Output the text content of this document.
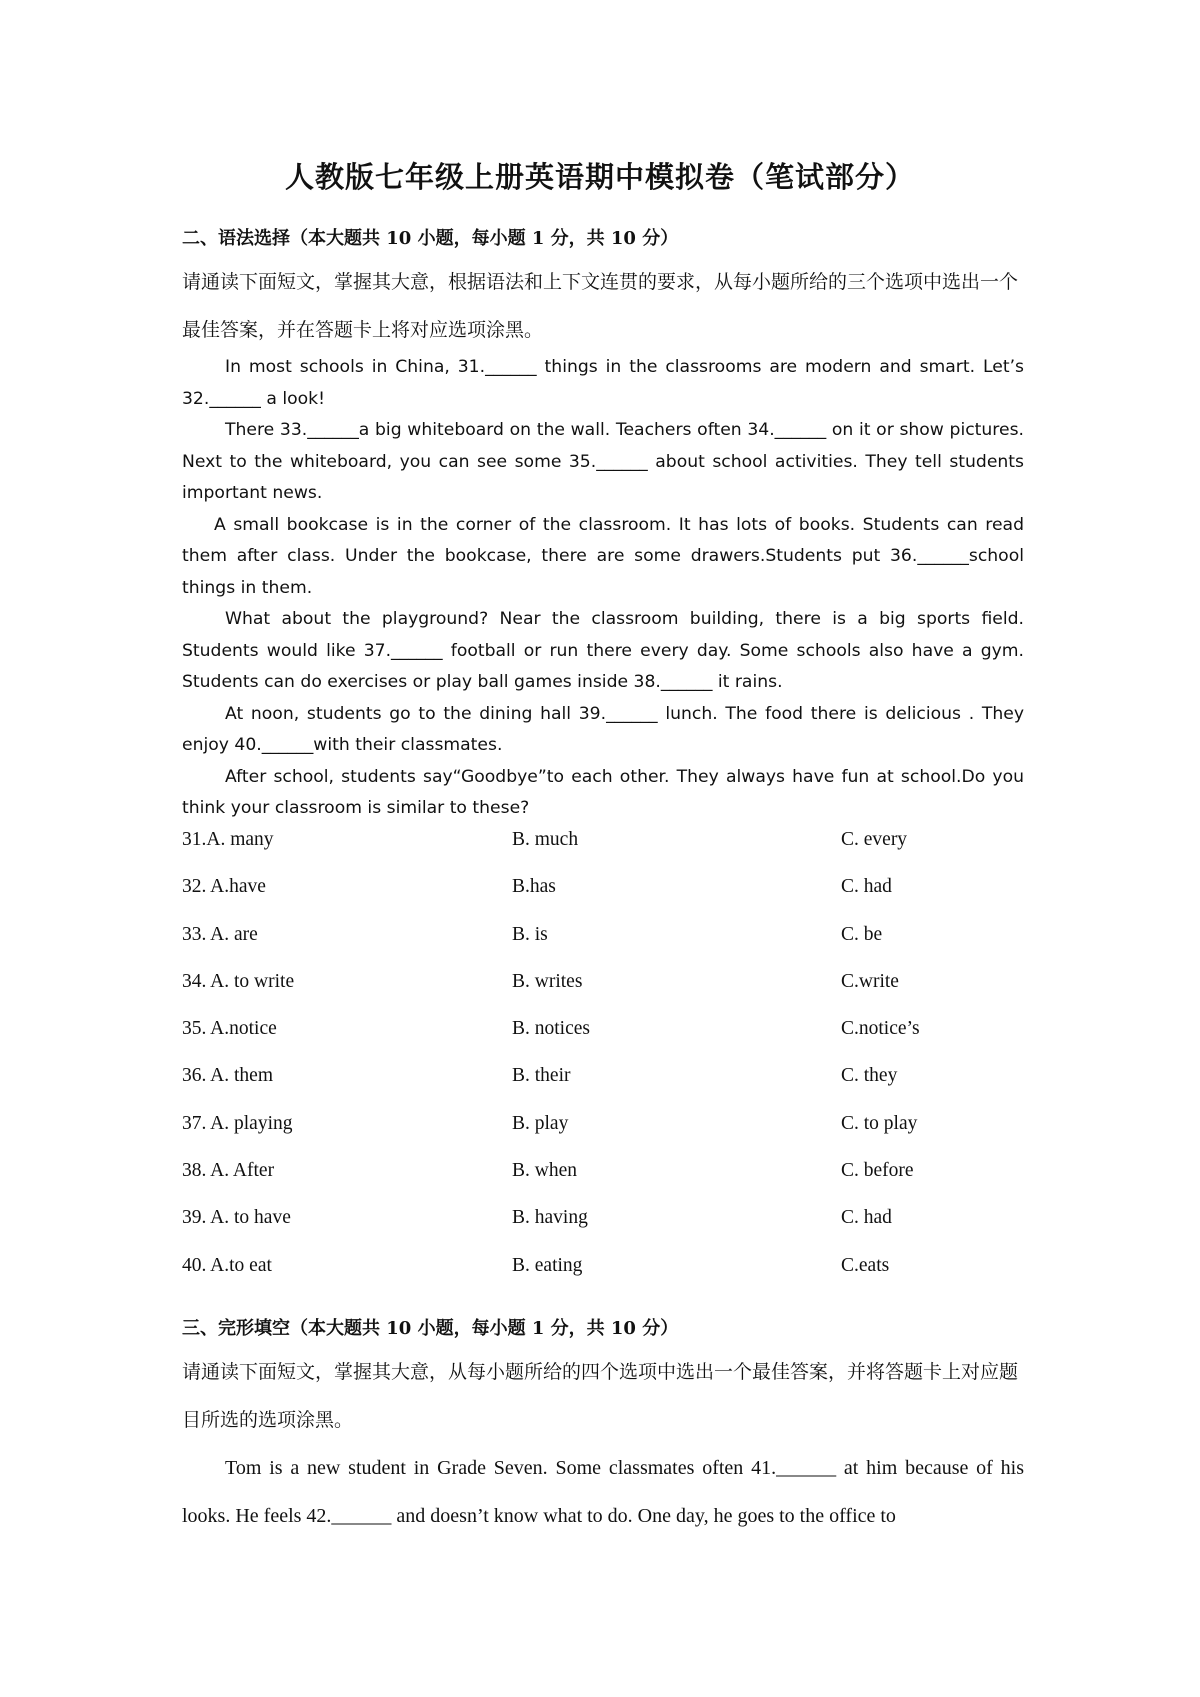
人教版七年级上册英语期中模拟卷（笔试部分）
二、语法选择（本大题共 10 小题，每小题 1 分，共 10 分）
请通读下面短文，掌握其大意，根据语法和上下文连贯的要求，从每小题所给的三个选项中选出一个最佳答案，并在答题卡上将对应选项涂黑。

In most schools in China, 31.______ things in the classrooms are modern and smart. Let’s 32.______ a look!

There 33.______a big whiteboard on the wall. Teachers often 34.______ on it or show pictures. Next to the whiteboard, you can see some 35.______ about school activities. They tell students important news.

A small bookcase is in the corner of the classroom. It has lots of books. Students can read them after class. Under the bookcase, there are some drawers.Students put 36.______school things in them.

What about the playground? Near the classroom building, there is a big sports field. Students would like 37.______ football or run there every day. Some schools also have a gym. Students can do exercises or play ball games inside 38.______ it rains.

At noon, students go to the dining hall 39.______ lunch. The food there is delicious . They enjoy 40.______with their classmates.

After school, students say“Goodbye”to each other. They always have fun at school.Do you think your classroom is similar to these?

31.A. many	B. much	C. every
32. A.have	B.has	C. had
33. A. are	B. is	C. be
34. A. to write	B. writes	C.write
35. A.notice	B. notices	C.notice’s
36. A. them	B. their	C. they
37. A. playing	B. play	C. to play
38. A. After	B. when	C. before
39. A. to have	B. having	C. had
40. A.to eat	B. eating	C.eats
三、完形填空（本大题共 10 小题，每小题 1 分，共 10 分）
请通读下面短文，掌握其大意，从每小题所给的四个选项中选出一个最佳答案，并将答题卡上对应题目所选的选项涂黑。

Tom is a new student in Grade Seven. Some classmates often 41.______ at him because of his looks. He feels 42.______ and doesn’t know what to do. One day, he goes to the office to
